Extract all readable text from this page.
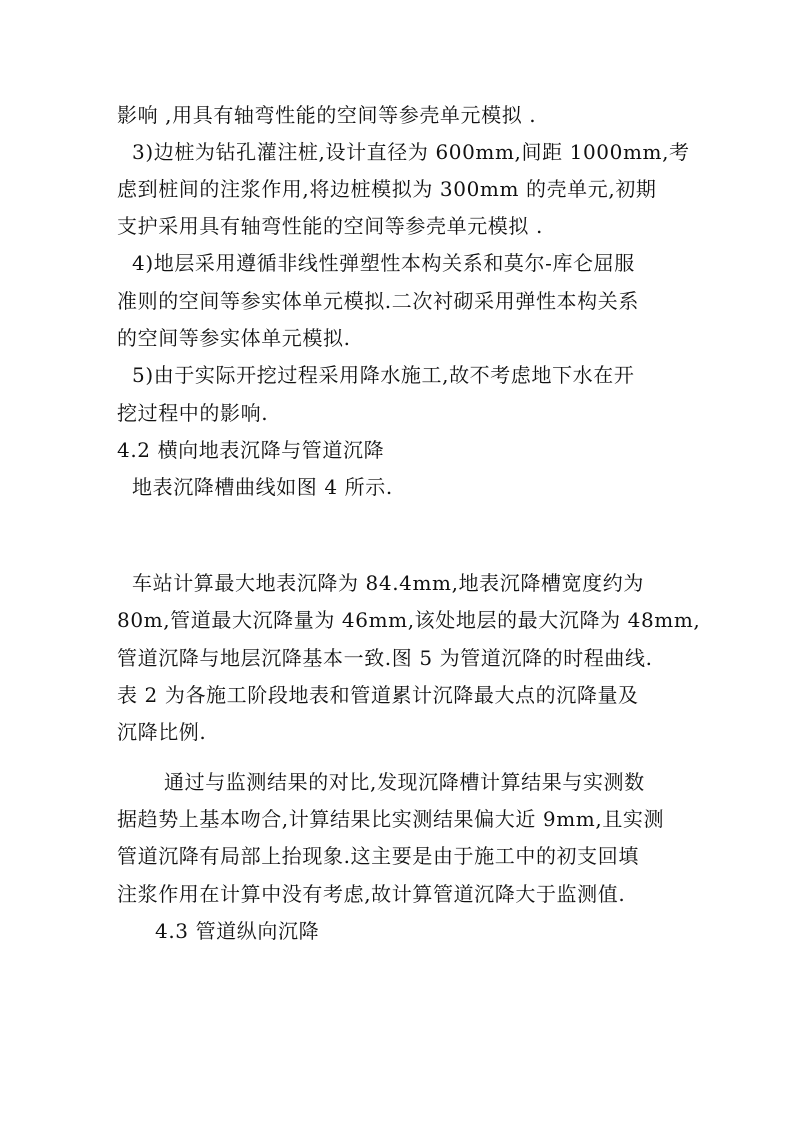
影响 ,用具有轴弯性能的空间等参壳单元模拟 .
3)边桩为钻孔灌注桩,设计直径为 600mm,间距 1000mm,考
虑到桩间的注浆作用,将边桩模拟为 300mm 的壳单元,初期
支护采用具有轴弯性能的空间等参壳单元模拟 .
4)地层采用遵循非线性弹塑性本构关系和莫尔-库仑屈服
准则的空间等参实体单元模拟.二次衬砌采用弹性本构关系
的空间等参实体单元模拟.
5)由于实际开挖过程采用降水施工,故不考虑地下水在开
挖过程中的影响.
4.2 横向地表沉降与管道沉降
地表沉降槽曲线如图 4 所示.
车站计算最大地表沉降为 84.4mm,地表沉降槽宽度约为
80m,管道最大沉降量为 46mm,该处地层的最大沉降为 48mm,
管道沉降与地层沉降基本一致.图 5 为管道沉降的时程曲线.
表 2 为各施工阶段地表和管道累计沉降最大点的沉降量及
沉降比例.
通过与监测结果的对比,发现沉降槽计算结果与实测数
据趋势上基本吻合,计算结果比实测结果偏大近 9mm,且实测
管道沉降有局部上抬现象.这主要是由于施工中的初支回填
注浆作用在计算中没有考虑,故计算管道沉降大于监测值.
4.3 管道纵向沉降
